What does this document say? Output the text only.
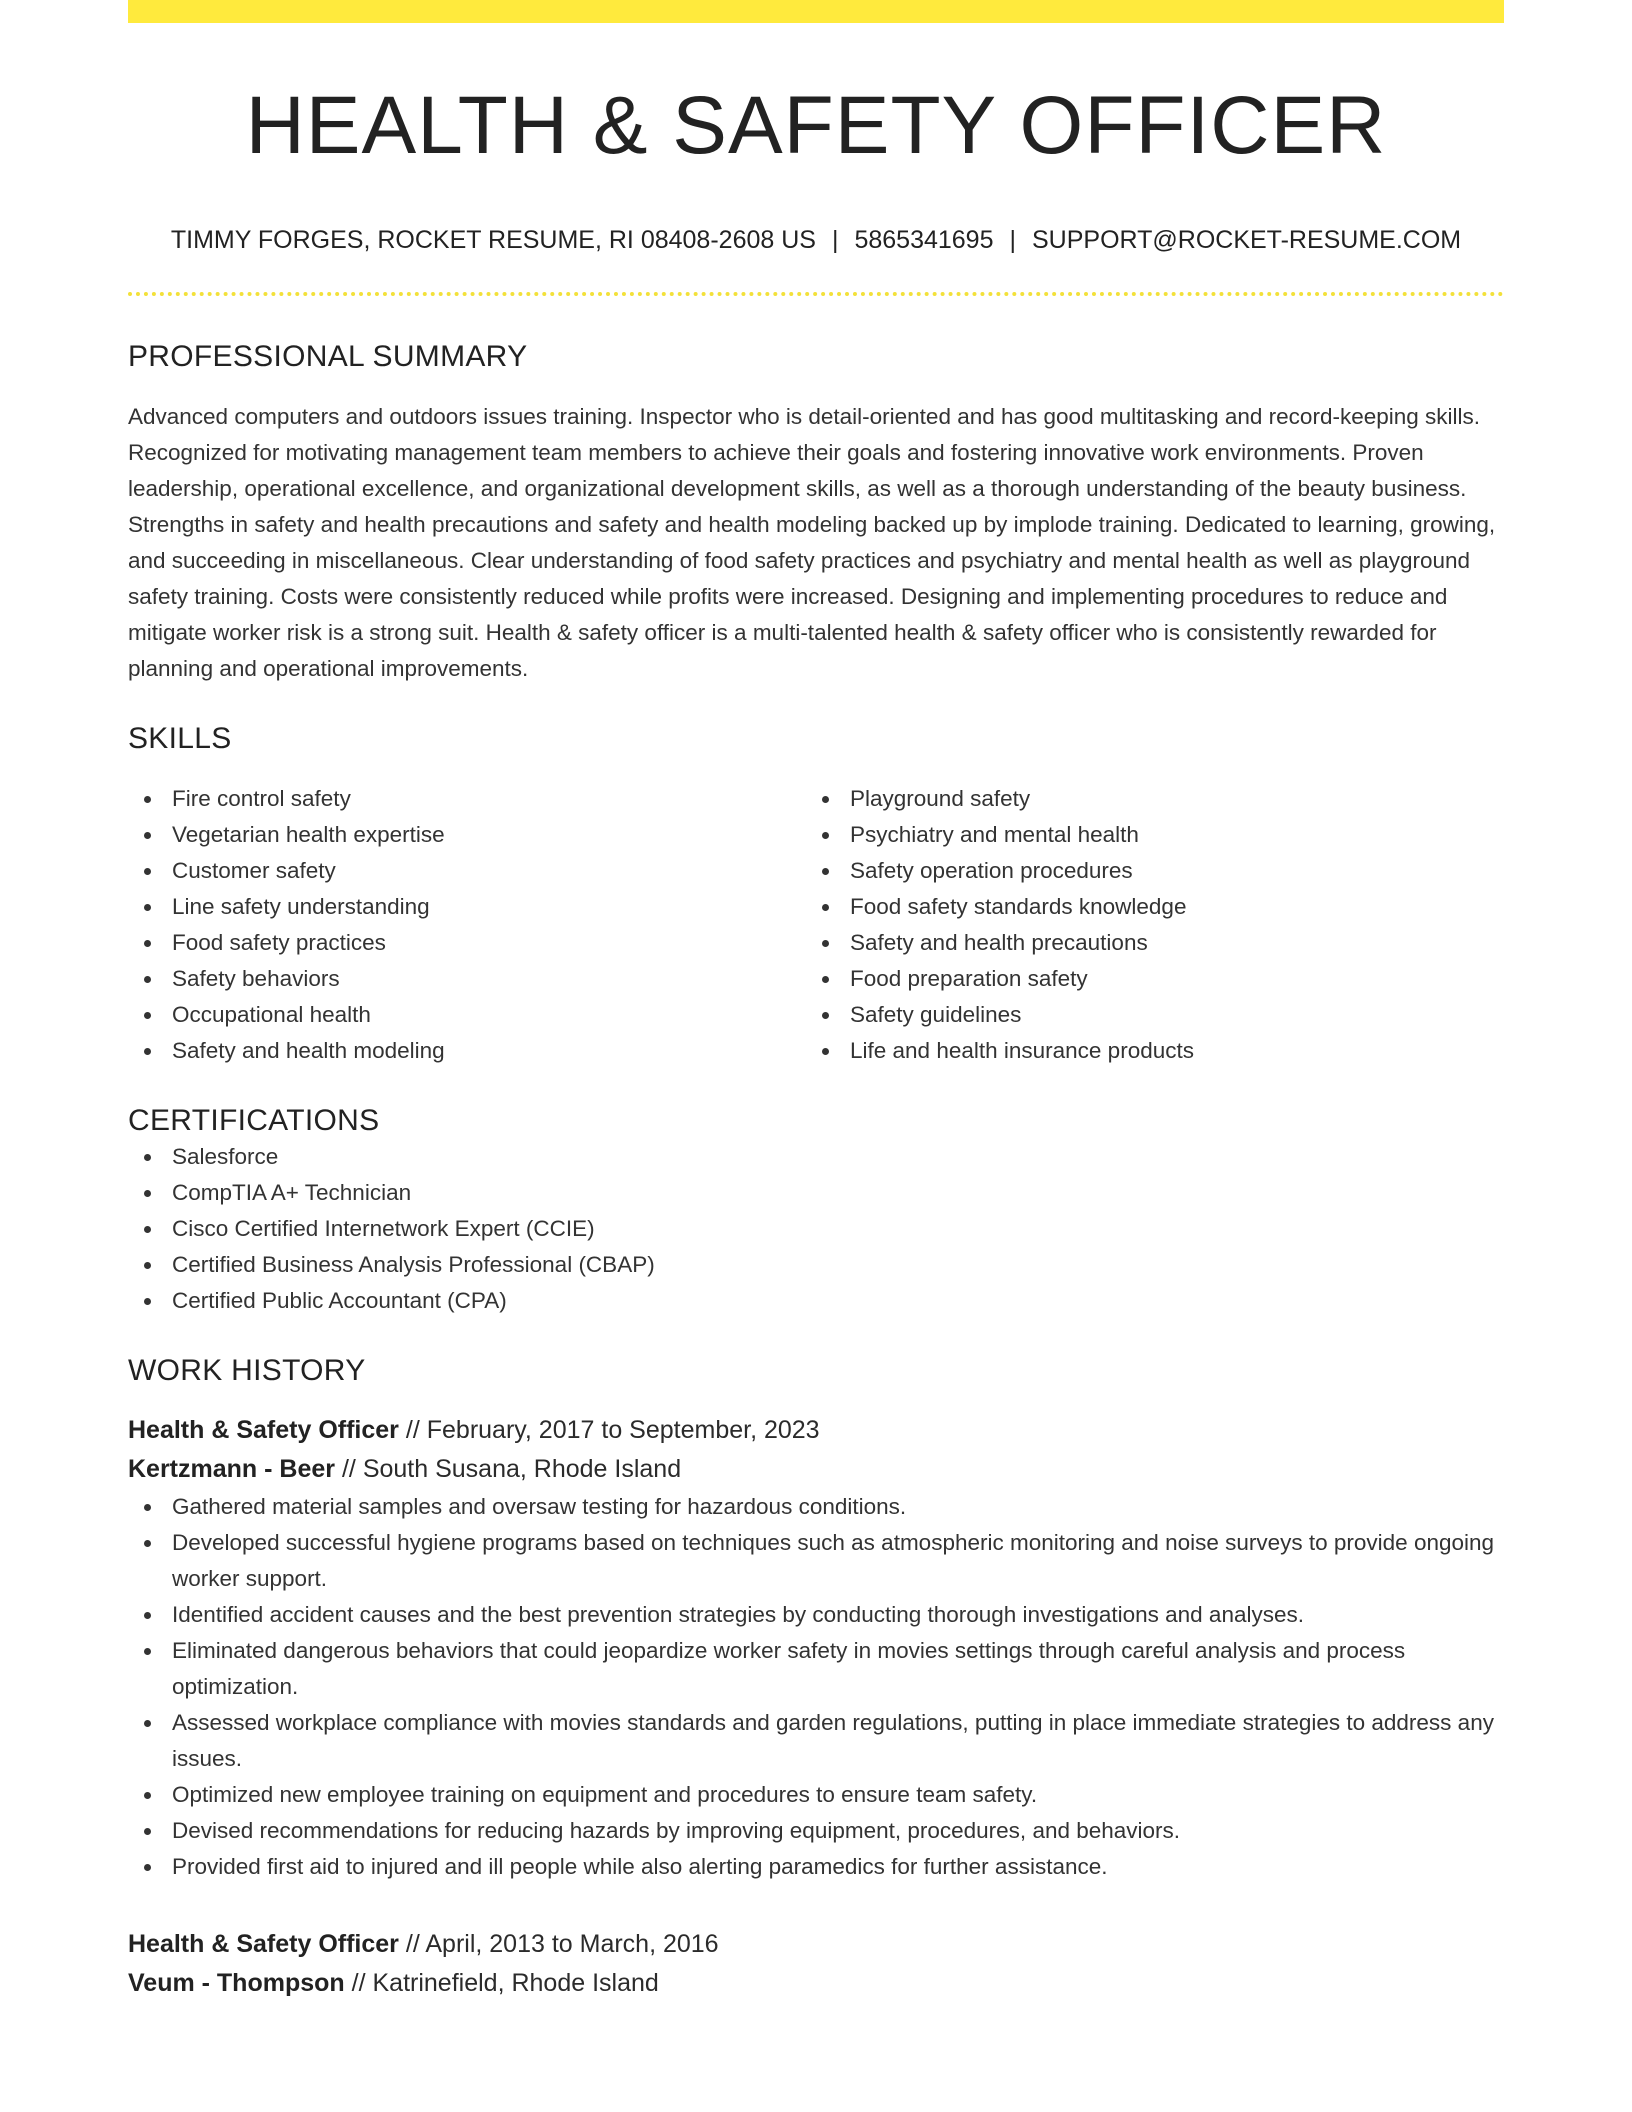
HEALTH & SAFETY OFFICER
TIMMY FORGES, ROCKET RESUME, RI 08408-2608 US | 5865341695 | SUPPORT@ROCKET-RESUME.COM
PROFESSIONAL SUMMARY
Advanced computers and outdoors issues training. Inspector who is detail-oriented and has good multitasking and record-keeping skills. Recognized for motivating management team members to achieve their goals and fostering innovative work environments. Proven leadership, operational excellence, and organizational development skills, as well as a thorough understanding of the beauty business. Strengths in safety and health precautions and safety and health modeling backed up by implode training. Dedicated to learning, growing, and succeeding in miscellaneous. Clear understanding of food safety practices and psychiatry and mental health as well as playground safety training. Costs were consistently reduced while profits were increased. Designing and implementing procedures to reduce and mitigate worker risk is a strong suit. Health & safety officer is a multi-talented health & safety officer who is consistently rewarded for planning and operational improvements.
SKILLS
Fire control safety
Vegetarian health expertise
Customer safety
Line safety understanding
Food safety practices
Safety behaviors
Occupational health
Safety and health modeling
Playground safety
Psychiatry and mental health
Safety operation procedures
Food safety standards knowledge
Safety and health precautions
Food preparation safety
Safety guidelines
Life and health insurance products
CERTIFICATIONS
Salesforce
CompTIA A+ Technician
Cisco Certified Internetwork Expert (CCIE)
Certified Business Analysis Professional (CBAP)
Certified Public Accountant (CPA)
WORK HISTORY
Health & Safety Officer // February, 2017 to September, 2023
Kertzmann - Beer // South Susana, Rhode Island
Gathered material samples and oversaw testing for hazardous conditions.
Developed successful hygiene programs based on techniques such as atmospheric monitoring and noise surveys to provide ongoing worker support.
Identified accident causes and the best prevention strategies by conducting thorough investigations and analyses.
Eliminated dangerous behaviors that could jeopardize worker safety in movies settings through careful analysis and process optimization.
Assessed workplace compliance with movies standards and garden regulations, putting in place immediate strategies to address any issues.
Optimized new employee training on equipment and procedures to ensure team safety.
Devised recommendations for reducing hazards by improving equipment, procedures, and behaviors.
Provided first aid to injured and ill people while also alerting paramedics for further assistance.
Health & Safety Officer // April, 2013 to March, 2016
Veum - Thompson // Katrinefield, Rhode Island
